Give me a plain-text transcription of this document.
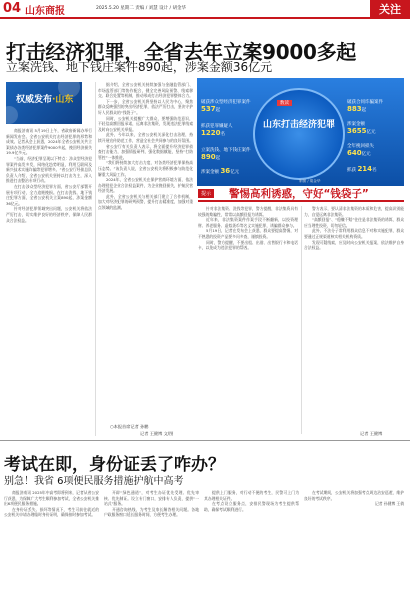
04 山东商报	2025.5.20 星期二 责编 / 刘慧 设计 / 胡金华	关注
打击经济犯罪，全省去年立案9000多起
立案洗钱、地下钱庄案件890起，涉案金额36亿元
权威发布·山东

商报济南讯 5月19日上午，省政府新闻办举行新闻发布会。全省公安机关打击经济犯罪的形势和成效。记者从会上获悉，2024年全省公安机关共立案侦办各类经济犯罪案件9000多起，挽回经济损失19.9亿多元。

“当前，经济犯罪呈现以下特点：涉众型经济犯罪案件高发多发，网络化趋势明显，利用互联网及新兴技术实施诈骗等犯罪增多。”省公安厅经侦总队负责人介绍，全省公安机关坚持以打击为主，深入推进打击整治专项行动。

在打击涉众型经济犯罪方面，省公安厅部署开展专项行动，全力追赃挽损。在打击洗钱、地下钱庄犯罪方面，全省公安机关立案890起，涉案金额36亿元。

针对经济犯罪领域突出问题，公安机关将依法严厉打击，切实维护良好的经济秩序，保障人民群众合法权益。

据介绍，全省公安机关持续加强与金融监管部门、市场监管部门等协作配合，健全完善风险预警、线索移交、联合处置等机制，推动形成打击经济犯罪整体合力。

下一步，全省公安机关将坚持以人民为中心，聚焦群众反映强烈的突出经济犯罪，依法严厉打击，坚决守护好人民群众的“钱袋子”。

同时，公安机关提醒广大群众，要增强防范意识，不轻信高额回报承诺，远离非法集资，发现违法犯罪线索及时向公安机关举报。

此外，今年以来，全省公安机关深化打击治理，持续开展宣传防范工作，营造全社会共同参与的良好氛围。

省公安厅有关负责人表示，将全面提升经济犯罪侦查打击能力，加强情报研判，强化数据赋能，坚持“打防管控”一体推进。

“我们将持续加大打击力度，对各类经济犯罪保持高压态势。”该负责人说，全省公安机关将积极参与防范化解重大风险工作。

2024年，全省公安机关在保护营商环境方面，依法办理侵犯企业合法权益案件，为企业挽回损失，护航民营经济发展。

此外，全省公安机关与相关部门建立了合作机制，加大对经济犯罪的研判预警，提升打击精准度，加强对重点领域的监测。

○本报首席记者 孙鹏
记者 王健博 文/图
数读
山东打击经济犯罪
破获涉众型经济犯罪案件
537起
抓获犯罪嫌疑人
1220名
立案洗钱、地下钱庄案件
890起
涉案金额 36亿元
破获合同诈骗案件
883起
涉案金额
3655亿元
全年挽回损失
640亿元
抓获 214名
制图 / 胡金华
提示 警惕高利诱惑，守好“钱袋子”

针对非法集资、洗钱等犯罪，警方提醒，非法集资具有较强的欺骗性，常常以高额回报为诱饵。

近年来，非法集资案件作案手段不断翻新，以投资理财、养老服务、虚拟货币等名义实施犯罪，诱骗群众参与。

5月19日，记者在发布会上获悉，群众要提高警惕，对不熟悉的投资产品要多问多查，谨慎投资。

同时，警方提醒，不要出租、出借、出售银行卡和电话卡，以免成为违法犯罪的帮凶。

警方表示，要认清非法集资的本质和危害，提高识别能力，自觉远离非法集资。

“高额回报”、“稳赚不赔”往往是非法集资的诱饵，群众应当理性投资，切勿轻信。

此外，不法分子常利用群众信息不对称实施犯罪，群众要通过正规渠道核实相关机构资质。

发现可疑线索，应及时向公安机关报案，依法维护自身合法权益。

记者 王健博
考试在即，身份证丢了咋办？
别急！我省 6项便民服务措施护航中高考

商报济南讯 2025年中高考即将到来，记者从省公安厅获悉，为保障广大考生顺利参加考试，全省公安机关推出6项便民服务措施。

在身份证丢失、损坏等情况下，考生可前往就近的公安机关申请办理临时身份证明，确保按时参加考试。

开辟“绿色通道”，对考生办证优先受理、优先审核、优先制证。设立专门窗口，安排专人负责，提供“一站式”服务。

开通咨询热线，为考生及家长解答相关问题。各地户政服务窗口延长服务时间，方便考生办理。

提供上门服务，对行动不便的考生，民警可上门为其办理相关证件。

在考点设立服务点，安排民警现场为考生提供帮助，确保考试顺利进行。

在考试期间，公安机关将加强考点周边治安巡逻，维护良好的考试秩序。

记者 孙健博 王倩
